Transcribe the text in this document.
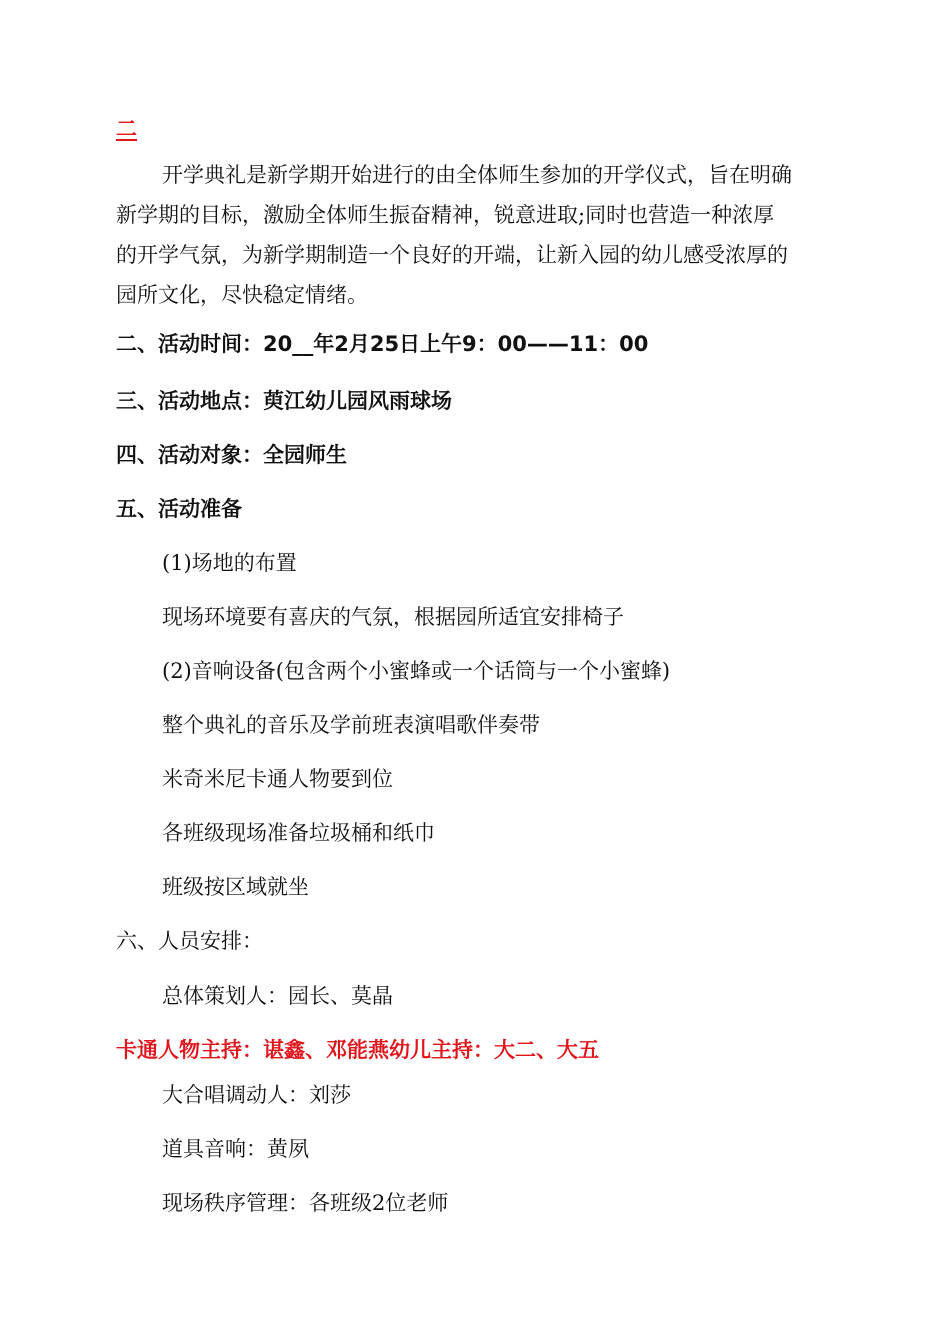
二
开学典礼是新学期开始进行的由全体师生参加的开学仪式，旨在明确
新学期的目标，激励全体师生振奋精神，锐意进取;同时也营造一种浓厚
的开学气氛，为新学期制造一个良好的开端，让新入园的幼儿感受浓厚的
园所文化，尽快稳定情绪。
二、活动时间：20__年2月25日上午9：00——11：00
三、活动地点：萸江幼儿园风雨球场
四、活动对象：全园师生
五、活动准备
(1)场地的布置
现场环境要有喜庆的气氛，根据园所适宜安排椅子
(2)音响设备(包含两个小蜜蜂或一个话筒与一个小蜜蜂)
整个典礼的音乐及学前班表演唱歌伴奏带
米奇米尼卡通人物要到位
各班级现场准备垃圾桶和纸巾
班级按区域就坐
六、人员安排：
总体策划人：园长、莫晶
卡通人物主持：谌鑫、邓能燕幼儿主持：大二、大五
大合唱调动人：刘莎
道具音响：黄夙
现场秩序管理：各班级2位老师
